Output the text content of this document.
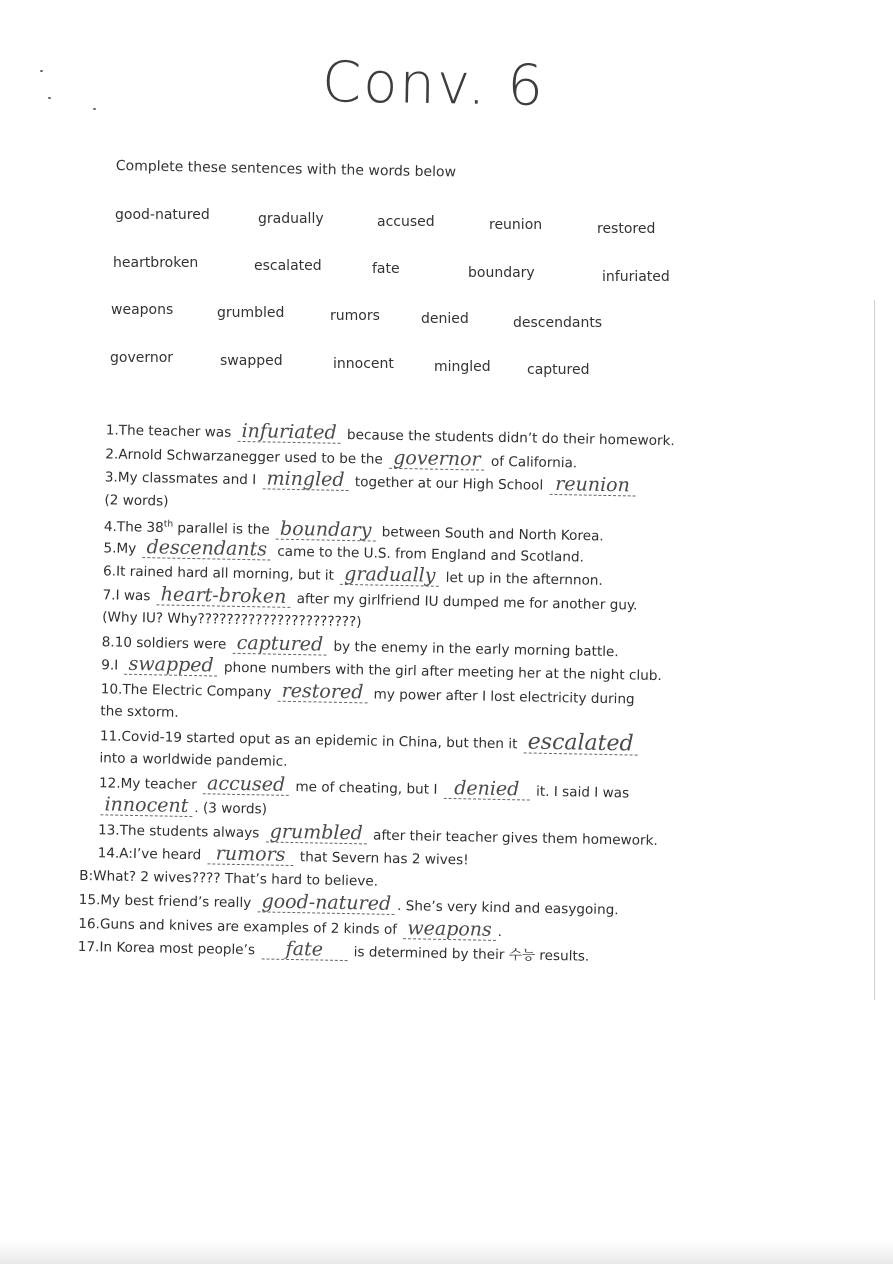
Conv. 6
Complete these sentences with the words below
good-natured	gradually	accused	reunion	restored
heartbroken	escalated	fate	boundary	infuriated
weapons	grumbled	rumors	denied	descendants
governor	swapped	innocent	mingled	captured
1.The teacher was infuriated because the students didn’t do their homework.
2.Arnold Schwarzanegger used to be the governor of California.
3.My classmates and I mingled together at our High School reunion
(2 words)
4.The 38th parallel is the boundary between South and North Korea.
5.My descendants came to the U.S. from England and Scotland.
6.It rained hard all morning, but it gradually let up in the afternnon.
7.I was heart-broken after my girlfriend IU dumped me for another guy.
(Why IU? Why??????????????????????)
8.10 soldiers were captured by the enemy in the early morning battle.
9.I swapped phone numbers with the girl after meeting her at the night club.
10.The Electric Company restored my power after I lost electricity during
the sxtorm.
11.Covid-19 started oput as an epidemic in China, but then it escalated
into a worldwide pandemic.
12.My teacher accused me of cheating, but I denied it. I said I was
innocent . (3 words)
13.The students always grumbled after their teacher gives them homework.
14.A:I’ve heard rumors that Severn has 2 wives!
B:What? 2 wives???? That’s hard to believe.
15.My best friend’s really good-natured . She’s very kind and easygoing.
16.Guns and knives are examples of 2 kinds of weapons .
17.In Korea most people’s fate is determined by their 수능 results.
